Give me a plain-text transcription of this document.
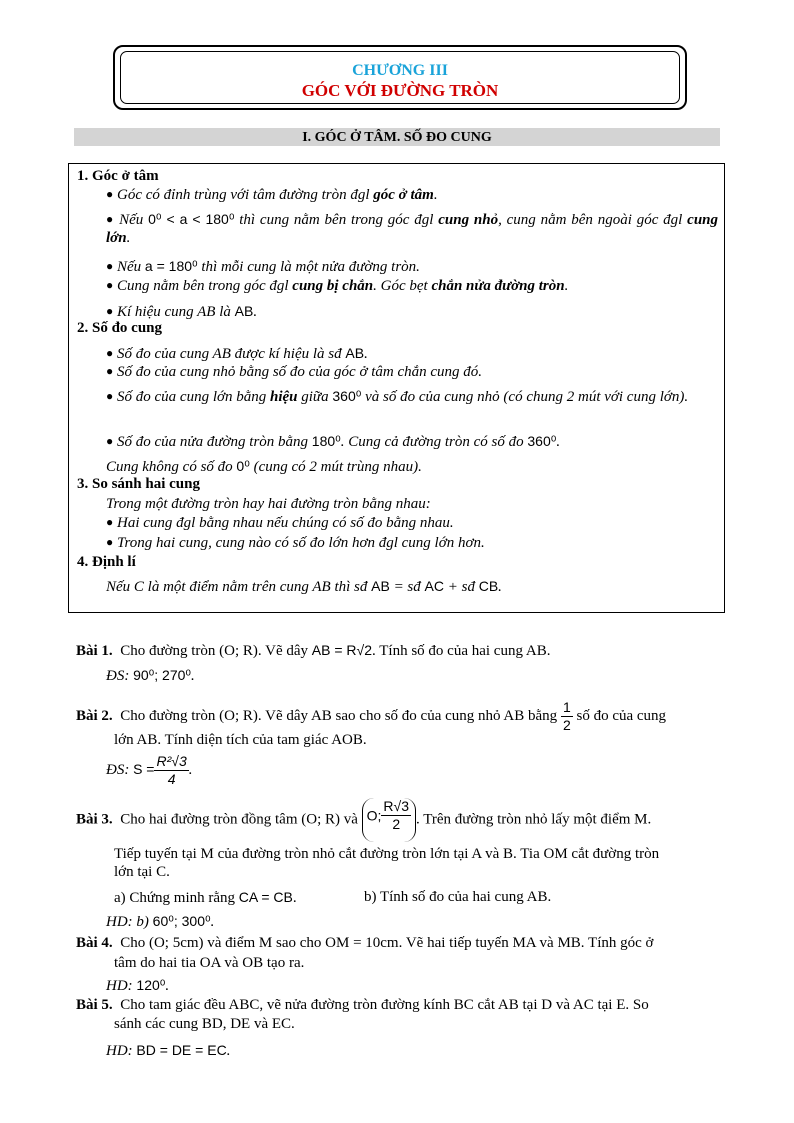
CHƯƠNG III
GÓC VỚI ĐƯỜNG TRÒN
I. GÓC Ở TÂM. SỐ ĐO CUNG
1. Góc ở tâm
● Góc có đỉnh trùng với tâm đường tròn đgl góc ở tâm.
● Nếu 0⁰ < a < 180⁰ thì cung nằm bên trong góc đgl cung nhỏ, cung nằm bên ngoài góc đgl cung lớn.
● Nếu a = 180⁰ thì mỗi cung là một nửa đường tròn.
● Cung nằm bên trong góc đgl cung bị chắn. Góc bẹt chắn nửa đường tròn.
● Kí hiệu cung AB là AB.
2. Số đo cung
● Số đo của cung AB được kí hiệu là sđ AB.
● Số đo của cung nhỏ bằng số đo của góc ở tâm chắn cung đó.
● Số đo của cung lớn bằng hiệu giữa 360⁰ và số đo của cung nhỏ (có chung 2 mút với cung lớn).
● Số đo của nửa đường tròn bằng 180⁰. Cung cả đường tròn có số đo 360⁰.
Cung không có số đo 0⁰ (cung có 2 mút trùng nhau).
3. So sánh hai cung
Trong một đường tròn hay hai đường tròn bằng nhau:
● Hai cung đgl bằng nhau nếu chúng có số đo bằng nhau.
● Trong hai cung, cung nào có số đo lớn hơn đgl cung lớn hơn.
4. Định lí
Nếu C là một điểm nằm trên cung AB thì sđ AB = sđ AC + sđ CB.
Bài 1. Cho đường tròn (O; R). Vẽ dây AB = R√2. Tính số đo của hai cung AB.
ĐS: 90⁰; 270⁰.
Bài 2. Cho đường tròn (O; R). Vẽ dây AB sao cho số đo của cung nhỏ AB bằng $\frac{1}{2}$ số đo của cung
lớn AB. Tính diện tích của tam giác AOB.
ĐS: $S = \frac{\text{R²√3}}{4}$ .
Bài 3. Cho hai đường tròn đồng tâm (O; R) và O; $\frac{R√3}{2}$ . Trên đường tròn nhỏ lấy một điểm M.
Tiếp tuyến tại M của đường tròn nhỏ cắt đường tròn lớn tại A và B. Tia OM cắt đường tròn
lớn tại C.
a) Chứng minh rằng CA = CB.	b) Tính số đo của hai cung AB.
HD: b) 60⁰; 300⁰.
Bài 4. Cho (O; 5cm) và điểm M sao cho OM = 10cm. Vẽ hai tiếp tuyến MA và MB. Tính góc ở
tâm do hai tia OA và OB tạo ra.
HD: 120⁰.
Bài 5. Cho tam giác đều ABC, vẽ nửa đường tròn đường kính BC cắt AB tại D và AC tại E. So
sánh các cung BD, DE và EC.
HD: BD = DE = EC.
